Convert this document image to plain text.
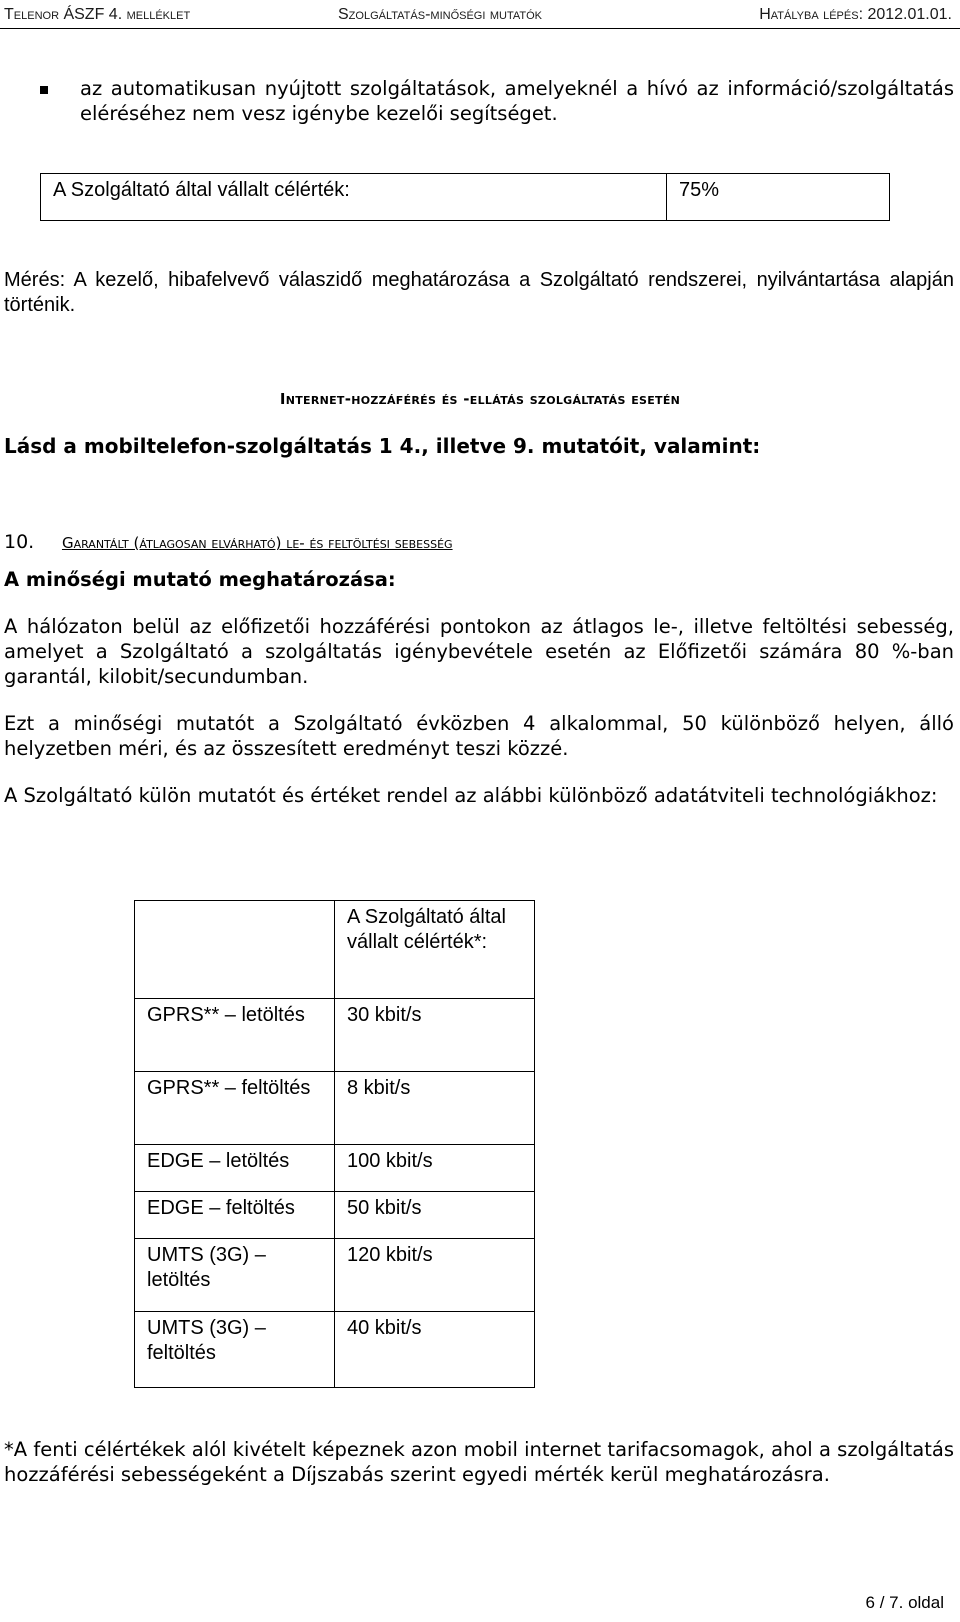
Telenor ÁSZF 4. melléklet	Szolgáltatás-minőségi mutatók	Hatályba lépés: 2012.01.01.
az automatikusan nyújtott szolgáltatások, amelyeknél a hívó az információ/szolgáltatás eléréséhez nem vesz igénybe kezelői segítséget.
A Szolgáltató által vállalt célérték:	75%
Mérés: A kezelő, hibafelvevő válaszidő meghatározása a Szolgáltató rendszerei, nyilvántartása alapján történik.
Internet-hozzáférés és -ellátás szolgáltatás esetén
Lásd a mobiltelefon-szolgáltatás 1 4., illetve 9. mutatóit, valamint:
10. Garantált (átlagosan elvárható) le- és feltöltési sebesség
A minőségi mutató meghatározása:
A hálózaton belül az előfizetői hozzáférési pontokon az átlagos le-, illetve feltöltési sebesség, amelyet a Szolgáltató a szolgáltatás igénybevétele esetén az Előfizetői számára 80 %-ban garantál, kilobit/secundumban.
Ezt a minőségi mutatót a Szolgáltató évközben 4 alkalommal, 50 különböző helyen, álló helyzetben méri, és az összesített eredményt teszi közzé.
A Szolgáltató külön mutatót és értéket rendel az alábbi különböző adatátviteli technológiákhoz:
	A Szolgáltató által vállalt célérték*:
GPRS** – letöltés	30 kbit/s
GPRS** – feltöltés	8 kbit/s
EDGE – letöltés	100 kbit/s
EDGE – feltöltés	50 kbit/s
UMTS (3G) – letöltés	120 kbit/s
UMTS (3G) – feltöltés	40 kbit/s
*A fenti célértékek alól kivételt képeznek azon mobil internet tarifacsomagok, ahol a szolgáltatás hozzáférési sebességeként a Díjszabás szerint egyedi mérték kerül meghatározásra.
6 / 7. oldal
